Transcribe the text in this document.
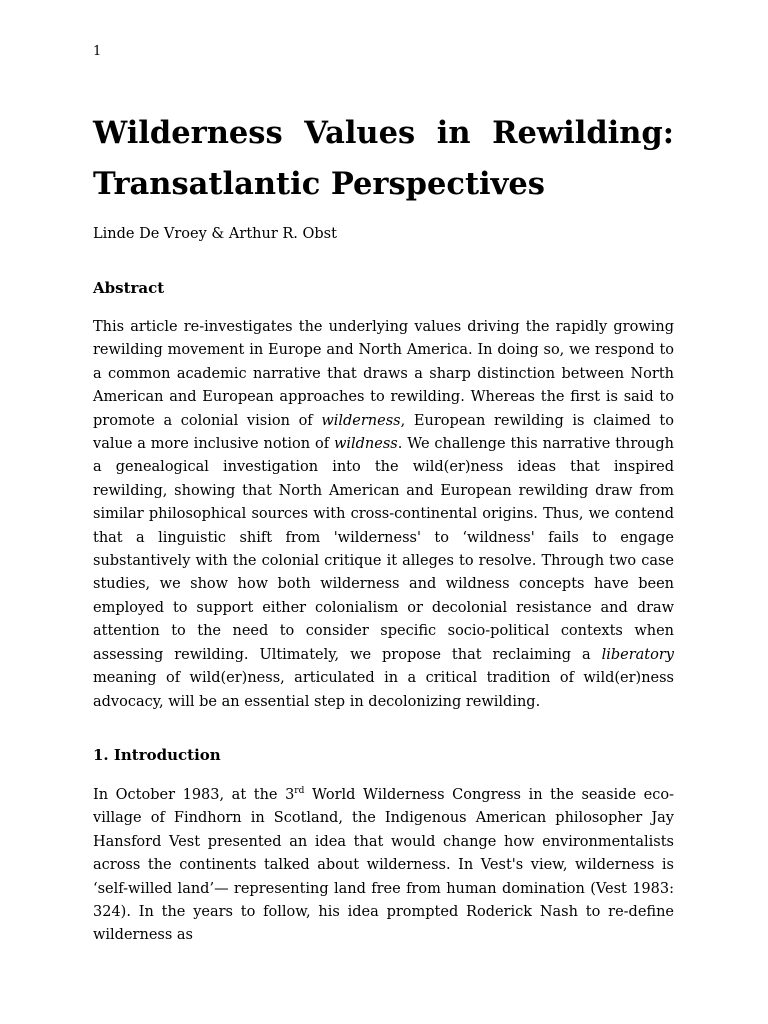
1
Wilderness Values in Rewilding: Transatlantic Perspectives
Linde De Vroey & Arthur R. Obst
Abstract

This article re-investigates the underlying values driving the rapidly growing rewilding movement in Europe and North America. In doing so, we respond to a common academic narrative that draws a sharp distinction between North American and European approaches to rewilding. Whereas the first is said to promote a colonial vision of wilderness, European rewilding is claimed to value a more inclusive notion of wildness. We challenge this narrative through a genealogical investigation into the wild(er)ness ideas that inspired rewilding, showing that North American and European rewilding draw from similar philosophical sources with cross-continental origins. Thus, we contend that a linguistic shift from 'wilderness' to ‘wildness' fails to engage substantively with the colonial critique it alleges to resolve. Through two case studies, we show how both wilderness and wildness concepts have been employed to support either colonialism or decolonial resistance and draw attention to the need to consider specific socio-political contexts when assessing rewilding. Ultimately, we propose that reclaiming a liberatory meaning of wild(er)ness, articulated in a critical tradition of wild(er)ness advocacy, will be an essential step in decolonizing rewilding.

1. Introduction

In October 1983, at the 3rd World Wilderness Congress in the seaside eco-village of Findhorn in Scotland, the Indigenous American philosopher Jay Hansford Vest presented an idea that would change how environmentalists across the continents talked about wilderness. In Vest's view, wilderness is ‘self-willed land’— representing land free from human domination (Vest 1983: 324). In the years to follow, his idea prompted Roderick Nash to re-define wilderness as
